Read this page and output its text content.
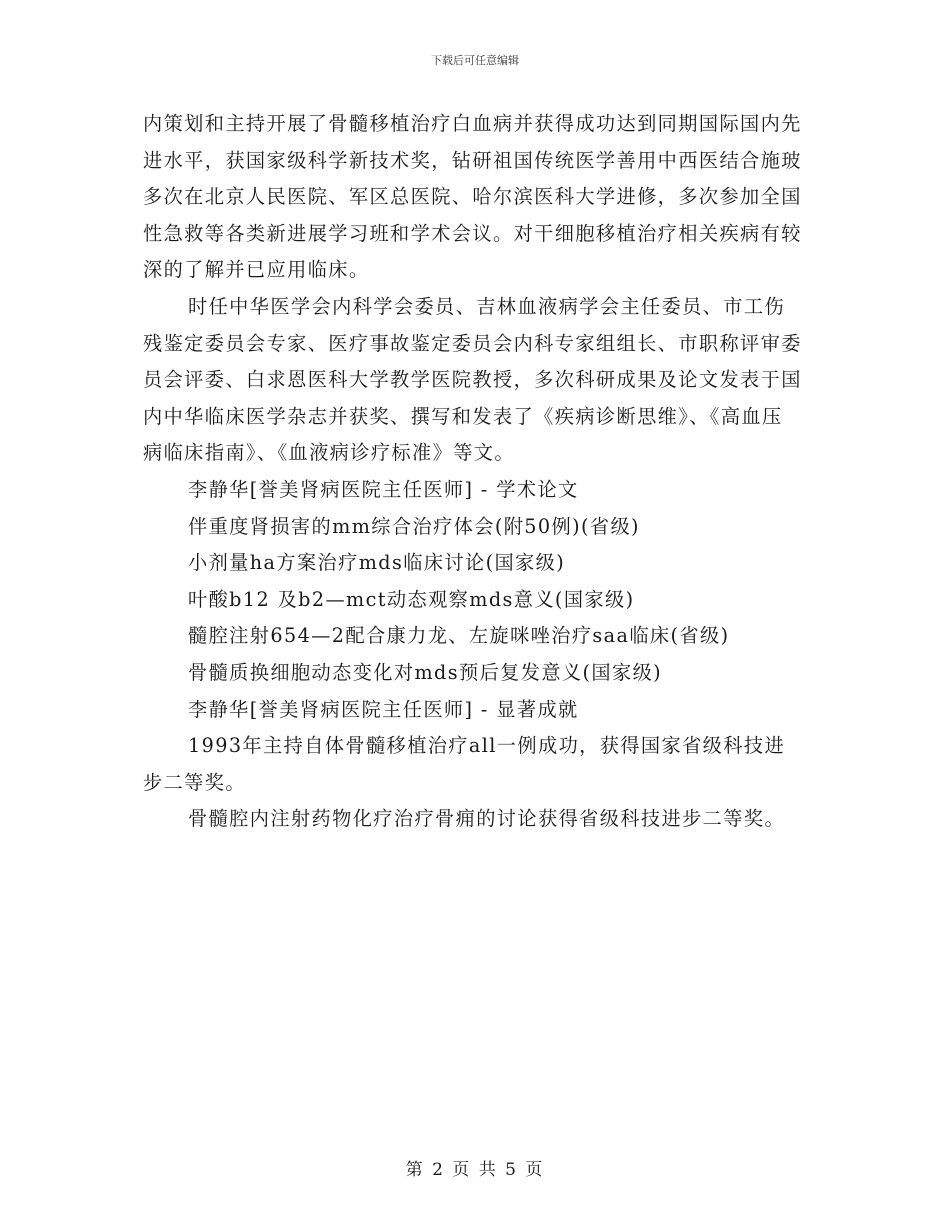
下载后可任意编辑

内策划和主持开展了骨髓移植治疗白血病并获得成功达到同期国际国内先进水平，获国家级科学新技术奖，钻研祖国传统医学善用中西医结合施玻多次在北京人民医院、军区总医院、哈尔滨医科大学进修，多次参加全国性急救等各类新进展学习班和学术会议。对干细胞移植治疗相关疾病有较深的了解并已应用临床。

时任中华医学会内科学会委员、吉林血液病学会主任委员、市工伤残鉴定委员会专家、医疗事故鉴定委员会内科专家组组长、市职称评审委员会评委、白求恩医科大学教学医院教授，多次科研成果及论文发表于国内中华临床医学杂志并获奖、撰写和发表了《疾病诊断思维》、《高血压病临床指南》、《血液病诊疗标准》等文。

李静华[誉美肾病医院主任医师] - 学术论文

伴重度肾损害的mm综合治疗体会(附50例)(省级)

小剂量ha方案治疗mds临床讨论(国家级)

叶酸b12 及b2—mct动态观察mds意义(国家级)

髓腔注射654—2配合康力龙、左旋咪唑治疗saa临床(省级)

骨髓质换细胞动态变化对mds预后复发意义(国家级)

李静华[誉美肾病医院主任医师] - 显著成就

1993年主持自体骨髓移植治疗all一例成功，获得国家省级科技进步二等奖。

骨髓腔内注射药物化疗治疗骨痈的讨论获得省级科技进步二等奖。

第 2 页 共 5 页
